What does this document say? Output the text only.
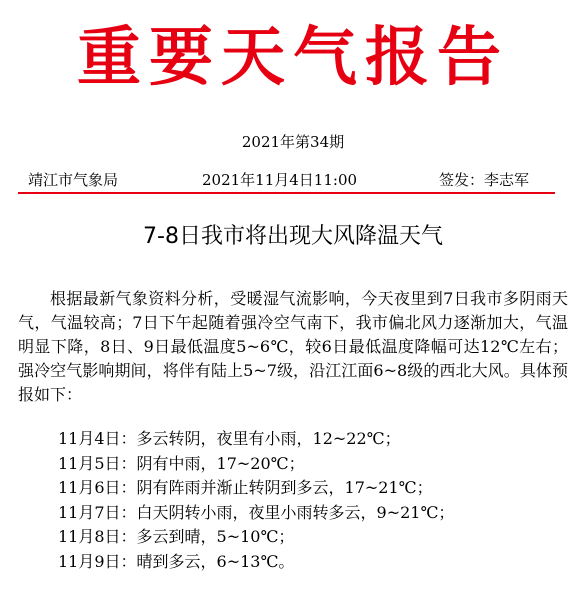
重要天气报告
2021年第34期
靖江市气象局	2021年11月4日11:00	签发：李志军
7-8日我市将出现大风降温天气

根据最新气象资料分析，受暖湿气流影响，今天夜里到7日我市多阴雨天气，气温较高；7日下午起随着强冷空气南下，我市偏北风力逐渐加大，气温明显下降，8日、9日最低温度5~6℃，较6日最低温度降幅可达12℃左右；强冷空气影响期间，将伴有陆上5~7级，沿江江面6~8级的西北大风。具体预报如下：

11月4日：多云转阴，夜里有小雨，12~22℃；
11月5日：阴有中雨，17~20℃；
11月6日：阴有阵雨并渐止转阴到多云，17~21℃；
11月7日：白天阴转小雨，夜里小雨转多云，9~21℃；
11月8日：多云到晴，5~10℃；
11月9日：晴到多云，6~13℃。
